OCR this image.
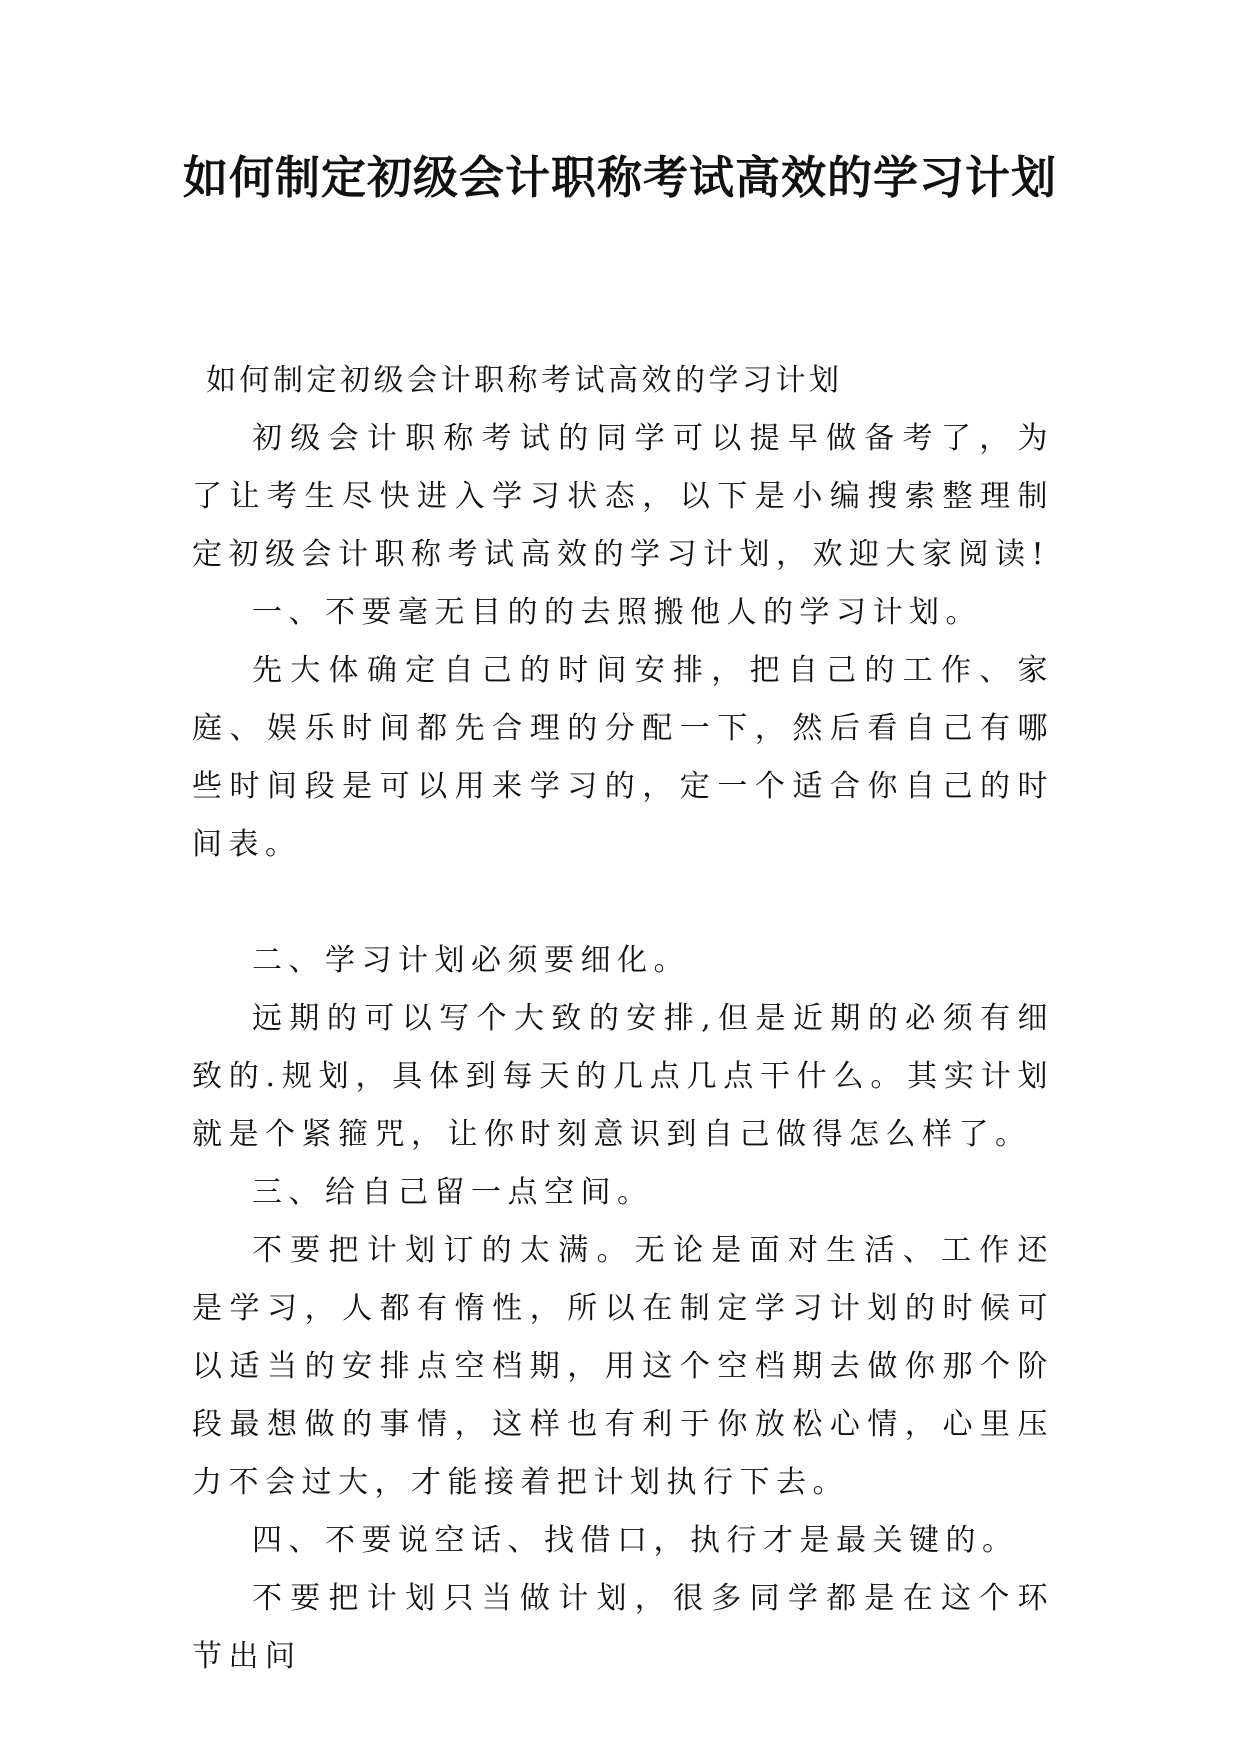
如何制定初级会计职称考试高效的学习计划

如何制定初级会计职称考试高效的学习计划

初级会计职称考试的同学可以提早做备考了，为了让考生尽快进入学习状态，以下是小编搜索整理制定初级会计职称考试高效的学习计划，欢迎大家阅读!

一、不要毫无目的的去照搬他人的学习计划。

先大体确定自己的时间安排，把自己的工作、家庭、娱乐时间都先合理的分配一下，然后看自己有哪些时间段是可以用来学习的，定一个适合你自己的时间表。

二、学习计划必须要细化。

远期的可以写个大致的安排,但是近期的必须有细致的.规划，具体到每天的几点几点干什么。其实计划就是个紧箍咒，让你时刻意识到自己做得怎么样了。

三、给自己留一点空间。

不要把计划订的太满。无论是面对生活、工作还是学习，人都有惰性，所以在制定学习计划的时候可以适当的安排点空档期，用这个空档期去做你那个阶段最想做的事情，这样也有利于你放松心情，心里压力不会过大，才能接着把计划执行下去。

四、不要说空话、找借口，执行才是最关键的。

不要把计划只当做计划，很多同学都是在这个环节出问
